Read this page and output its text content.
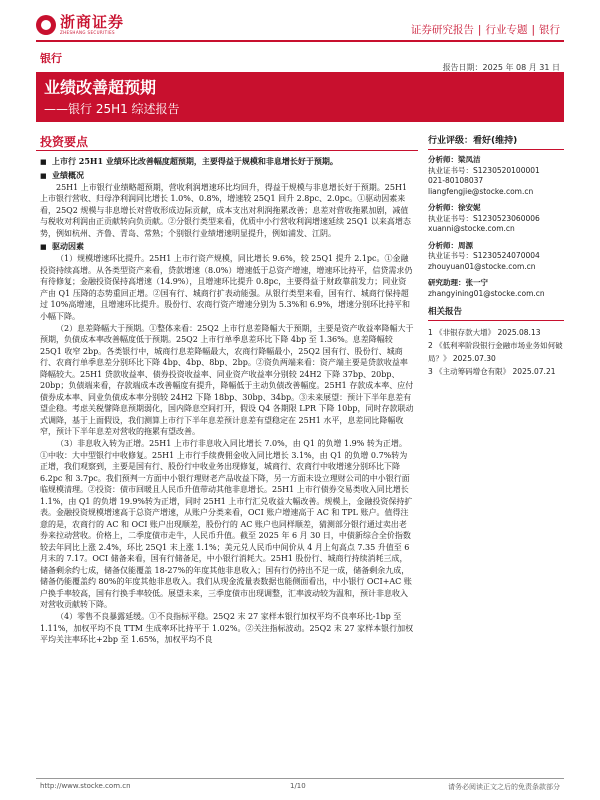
浙商证券
ZHESHANG SECURITIES	证券研究报告 | 行业专题 | 银行
银行
报告日期：2025 年 08 月 31 日
业绩改善超预期
——银行 25H1 综述报告
投资要点

■ 上市行 25H1 业绩环比改善幅度超预期，主要得益于规模和非息增长好于预期。

■ 业绩概况

25H1 上市银行业绩略超预期，营收利润增速环比均回升，得益于规模与非息增长好于预期。25H1 上市银行营收、归母净利润同比增长 1.0%、0.8%，增速较 25Q1 回升 2.8pc、2.0pc。①驱动因素来看，25Q2 规模与非息增长对营收形成边际贡献，成本支出对利润拖累改善；息差对营收拖累加剧，减值与税收对利润由正贡献转向负贡献。②分银行类型来看，优质中小行营收利润增速延续 25Q1 以来高增态势，例如杭州、齐鲁、青岛、常熟；个别银行业绩增速明显提升，例如浦发、江阴。

■ 驱动因素

（1）规模增速环比提升。25H1 上市行资产规模，同比增长 9.6%，较 25Q1 提升 2.1pc。①金融投资持续高增。从各类型资产来看，贷款增速（8.0%）增速低于总资产增速，增速环比持平，信贷需求仍有待修复；金融投资保持高增速（14.9%），且增速环比提升 0.8pc，主要得益于财政靠前发力；同业资产由 Q1 压降的态势重回正增。②国有行、城商行扩表动能强。从银行类型来看，国有行、城商行保持超过 10%高增速，且增速环比提升。股份行、农商行资产增速分别为 5.3%和 6.9%，增速分别环比持平和小幅下降。

（2）息差降幅大于预期。①整体来看：25Q2 上市行息差降幅大于预期，主要是资产收益率降幅大于预期，负债成本率改善幅度低于预期。25Q2 上市行单季息差环比下降 4bp 至 1.36%。息差降幅较 25Q1 收窄 2bp。各类银行中，城商行息差降幅最大，农商行降幅最小，25Q2 国有行、股份行、城商行、农商行单季息差分别环比下降 4bp、4bp、8bp、2bp。②资负两端来看：资产端主要是贷款收益率降幅较大。25H1 贷款收益率、债券投资收益率、同业资产收益率分别较 24H2 下降 37bp、20bp、20bp；负债端来看，存款端成本改善幅度有提升，降幅低于主动负债改善幅度。25H1 存款成本率、应付债券成本率、同业负债成本率分别较 24H2 下降 18bp、30bp、34bp。③未来展望：预计下半年息差有望企稳。考虑关税譬降息预期弱化，国内降息空间打开，假设 Q4 各期限 LPR 下降 10bp，同时存款联动式调降，基于上面假设，我们测算上市行下半年息差预计息差有望稳定在 25H1 水平，息差同比降幅收窄，预计下半年息差对营收的拖累有望改善。

（3）非息收入转为正增。25H1 上市行非息收入同比增长 7.0%，由 Q1 的负增 1.9% 转为正增。①中收：大中型银行中收修复。25H1 上市行手续费佣金收入同比增长 3.1%，由 Q1 的负增 0.7%转为正增，我们观察到，主要是国有行、股份行中收业务出现修复，城商行、农商行中收增速分别环比下降 6.2pc 和 3.7pc。我们预判一方面中小银行理财老产品收益下降，另一方面未设立理财公司的中小银行面临规模清理。②投资：债市回暖且人民币升值带动其他非息增长。25H1 上市行债券交易类收入同比增长 1.1%，由 Q1 的负增 19.9%转为正增，同时 25H1 上市行汇兑收益大幅改善。规模上，金融投资保持扩表。金融投资规模增速高于总资产增速，从账户分类来看，OCI 账户增速高于 AC 和 TPL 账户。值得注意的是，农商行的 AC 和 OCI 账户出现顺差，股份行的 AC 账户也同样顺差，猜测部分银行通过卖出老券来拉动营收。价格上，二季度债市走牛，人民币升值。截至 2025 年 6 月 30 日，中债新综合全价指数较去年同比上涨 2.4%，环比 25Q1 末上涨 1.1%；美元兑人民币中间价从 4 月上旬高点 7.35 升值至 6 月末的 7.17。OCI 储备来看，国有行储备足，中小银行消耗大。25H1 股份行、城商行持续消耗三成，储备剩余约七成，储备仅能覆盖 18-27%的年度其他非息收入；国有行仍持出不足一成，储备剩余九成，储备仍能覆盖约 80%的年度其他非息收入。我们从现金流量表数据也能侧面看出，中小银行 OCI+AC 账户换手率较高，国有行换手率较低。展望未来，三季度债市出现调整，汇率波动较为温和，预计非息收入对营收贡献转下降。

（4）零售不良暴露延缓。①不良指标平稳。25Q2 末 27 家样本银行加权平均不良率环比-1bp 至 1.11%，加权平均不良 TTM 生成率环比持平于 1.02%。②关注指标波动。25Q2 末 27 家样本银行加权平均关注率环比+2bp 至 1.65%，加权平均不良

行业评级：看好(维持)
分析师：梁凤洁
执业证书号：S1230520100001
021-80108037
liangfengjie@stocke.com.cn
分析师：徐安妮
执业证书号：S1230523060006
xuanni@stocke.com.cn
分析师：周源
执业证书号：S1230524070004
zhouyuan01@stocke.com.cn
研究助理：张一宁
zhangyining01@stocke.com.cn
相关报告
1 《非银存款大增》 2025.08.13
2 《低利率阶段银行金融市场业务如何破局？》 2025.07.30
3 《主动筹码增仓有限》 2025.07.21
http://www.stocke.com.cn	1/10	请务必阅读正文之后的免责条款部分
